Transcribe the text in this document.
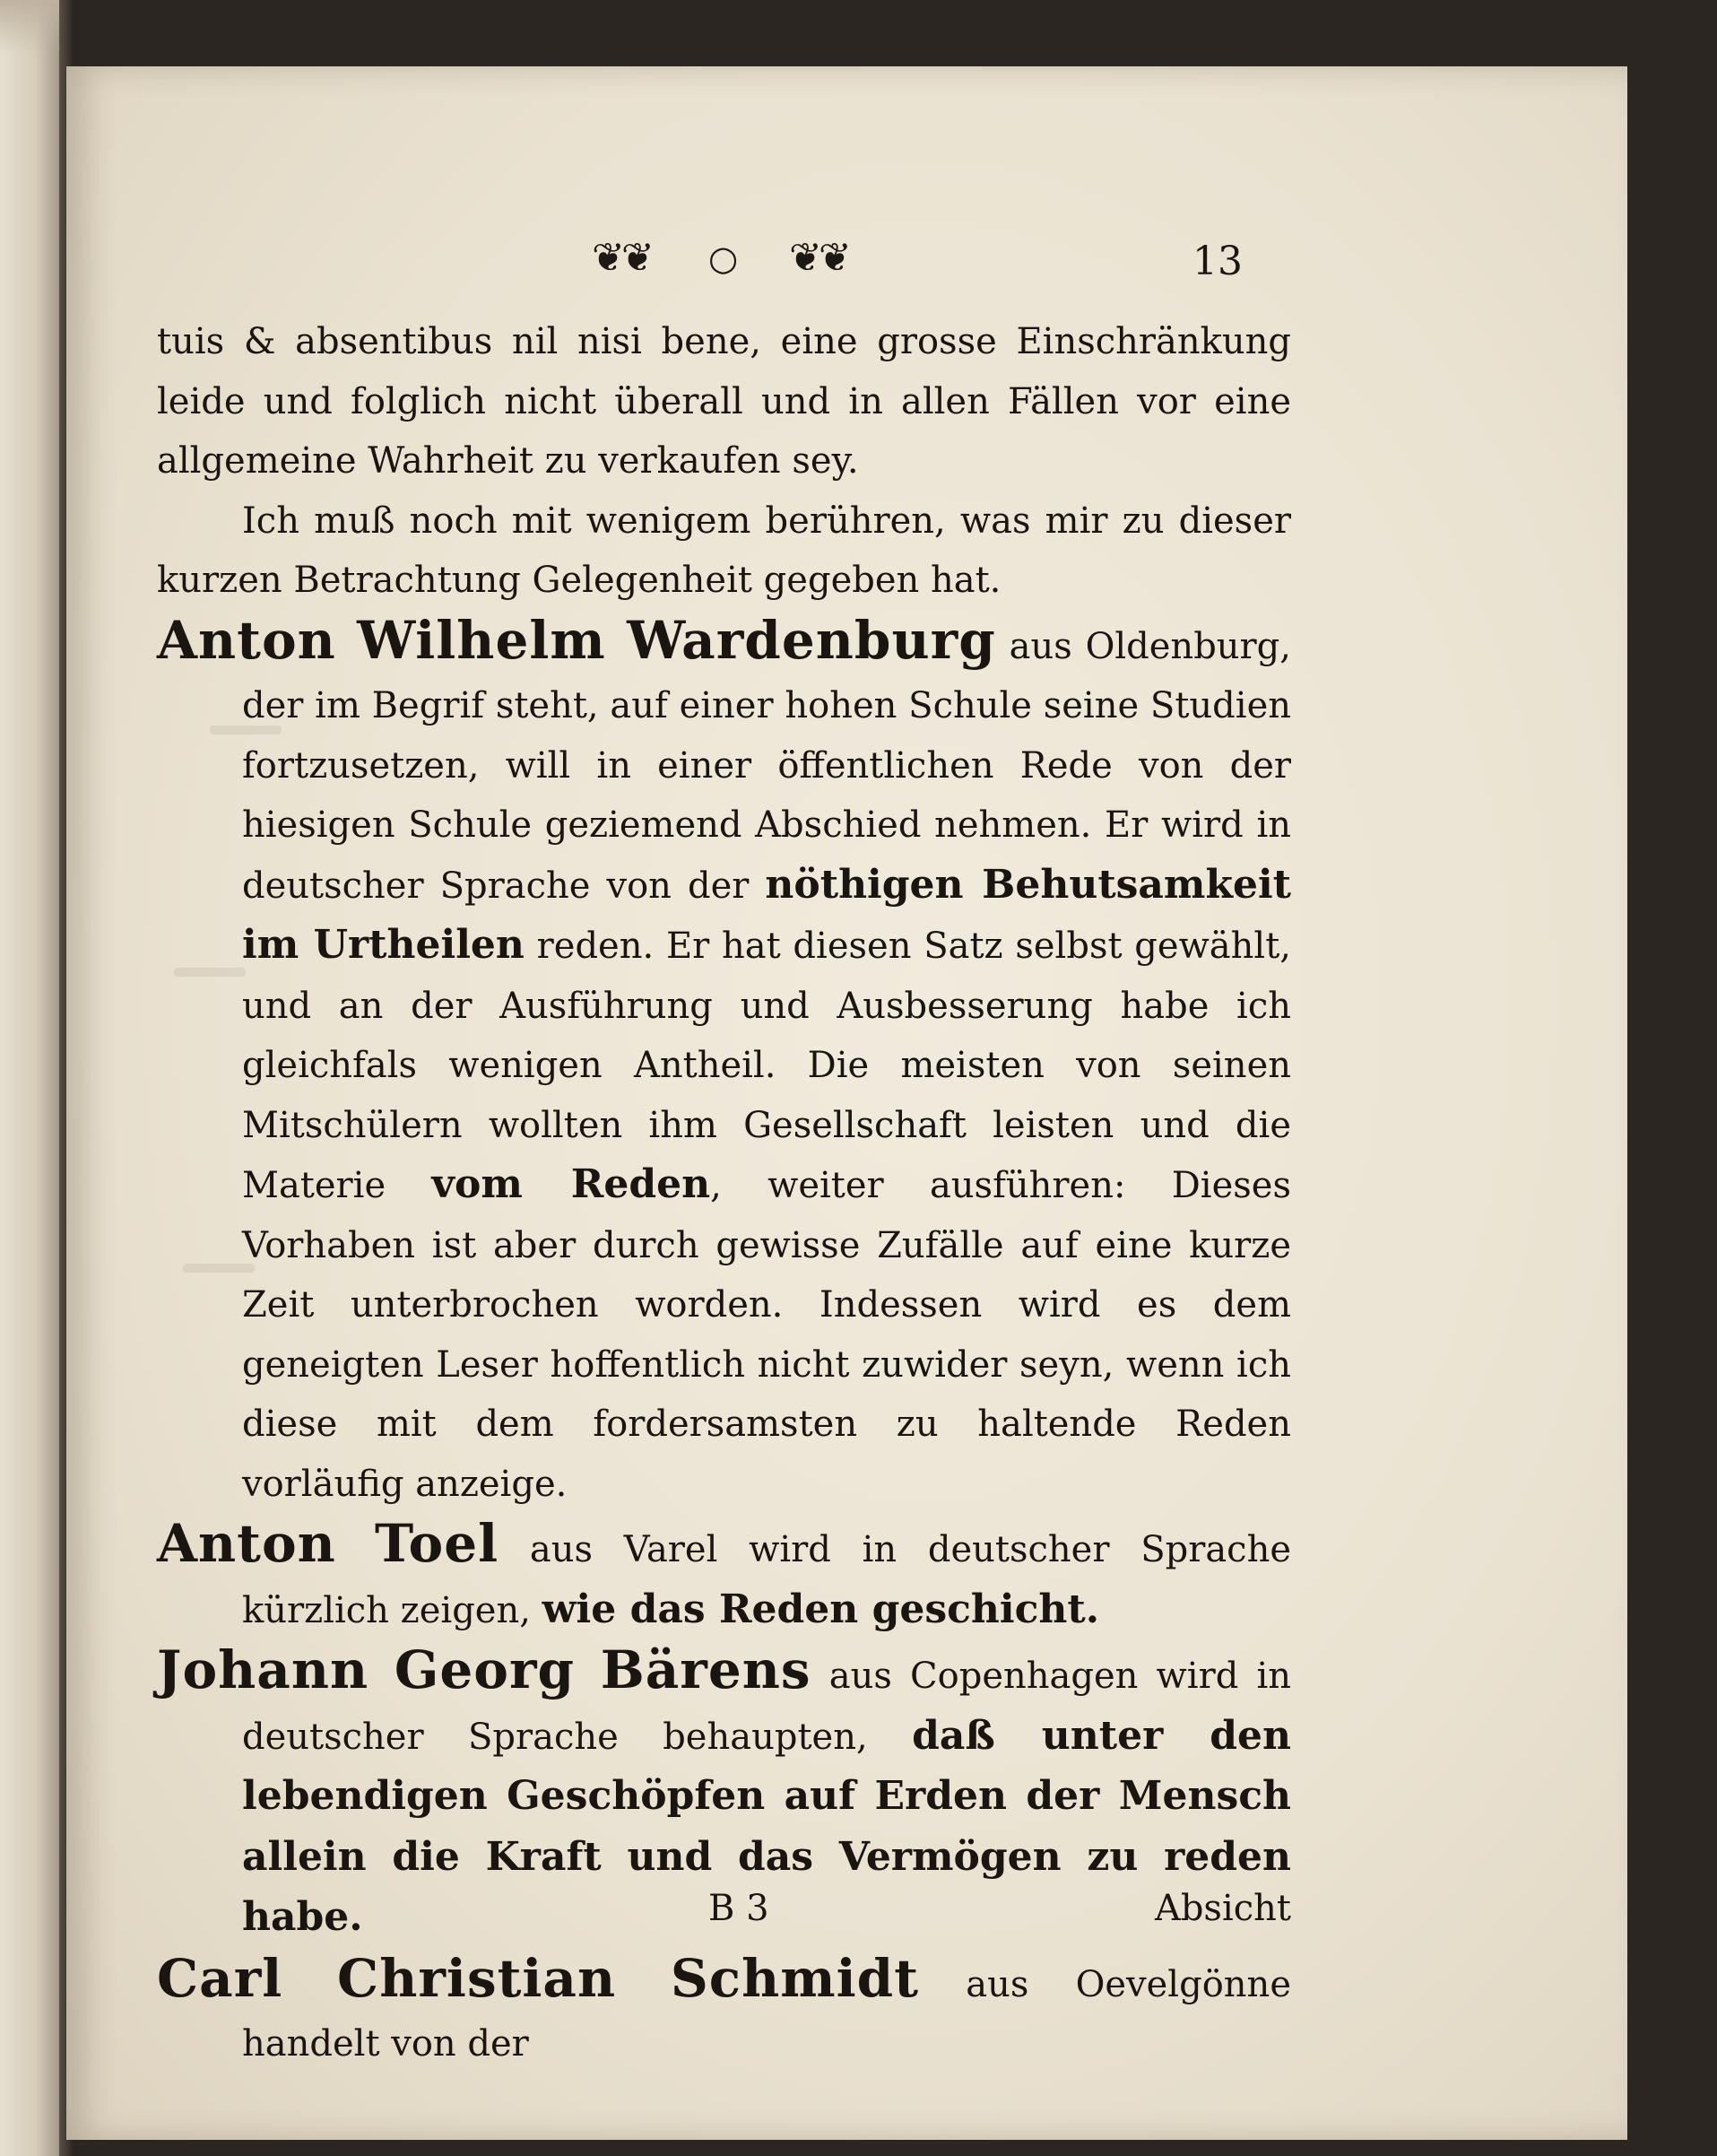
❦❦ ○ ❦❦	13

tuis & absentibus nil nisi bene, eine grosse Einschränkung leide und folglich nicht überall und in allen Fällen vor eine allgemeine Wahrheit zu verkaufen sey.

Ich muß noch mit wenigem berühren, was mir zu dieser kurzen Betrachtung Gelegenheit gegeben hat.

Anton Wilhelm Wardenburg aus Oldenburg, der im Begrif steht, auf einer hohen Schule seine Studien fortzusetzen, will in einer öffentlichen Rede von der hiesigen Schule geziemend Abschied nehmen. Er wird in deutscher Sprache von der nöthigen Behutsamkeit im Urtheilen reden. Er hat diesen Satz selbst gewählt, und an der Ausführung und Ausbesserung habe ich gleichfals wenigen Antheil. Die meisten von seinen Mitschülern wollten ihm Gesellschaft leisten und die Materie vom Reden, weiter ausführen: Dieses Vorhaben ist aber durch gewisse Zufälle auf eine kurze Zeit unterbrochen worden. Indessen wird es dem geneigten Leser hoffentlich nicht zuwider seyn, wenn ich diese mit dem fordersamsten zu haltende Reden vorläufig anzeige.

Anton Toel aus Varel wird in deutscher Sprache kürzlich zeigen, wie das Reden geschicht.

Johann Georg Bärens aus Copenhagen wird in deutscher Sprache behaupten, daß unter den lebendigen Geschöpfen auf Erden der Mensch allein die Kraft und das Vermögen zu reden habe.

Carl Christian Schmidt aus Oevelgönne handelt von der

B 3	Absicht
